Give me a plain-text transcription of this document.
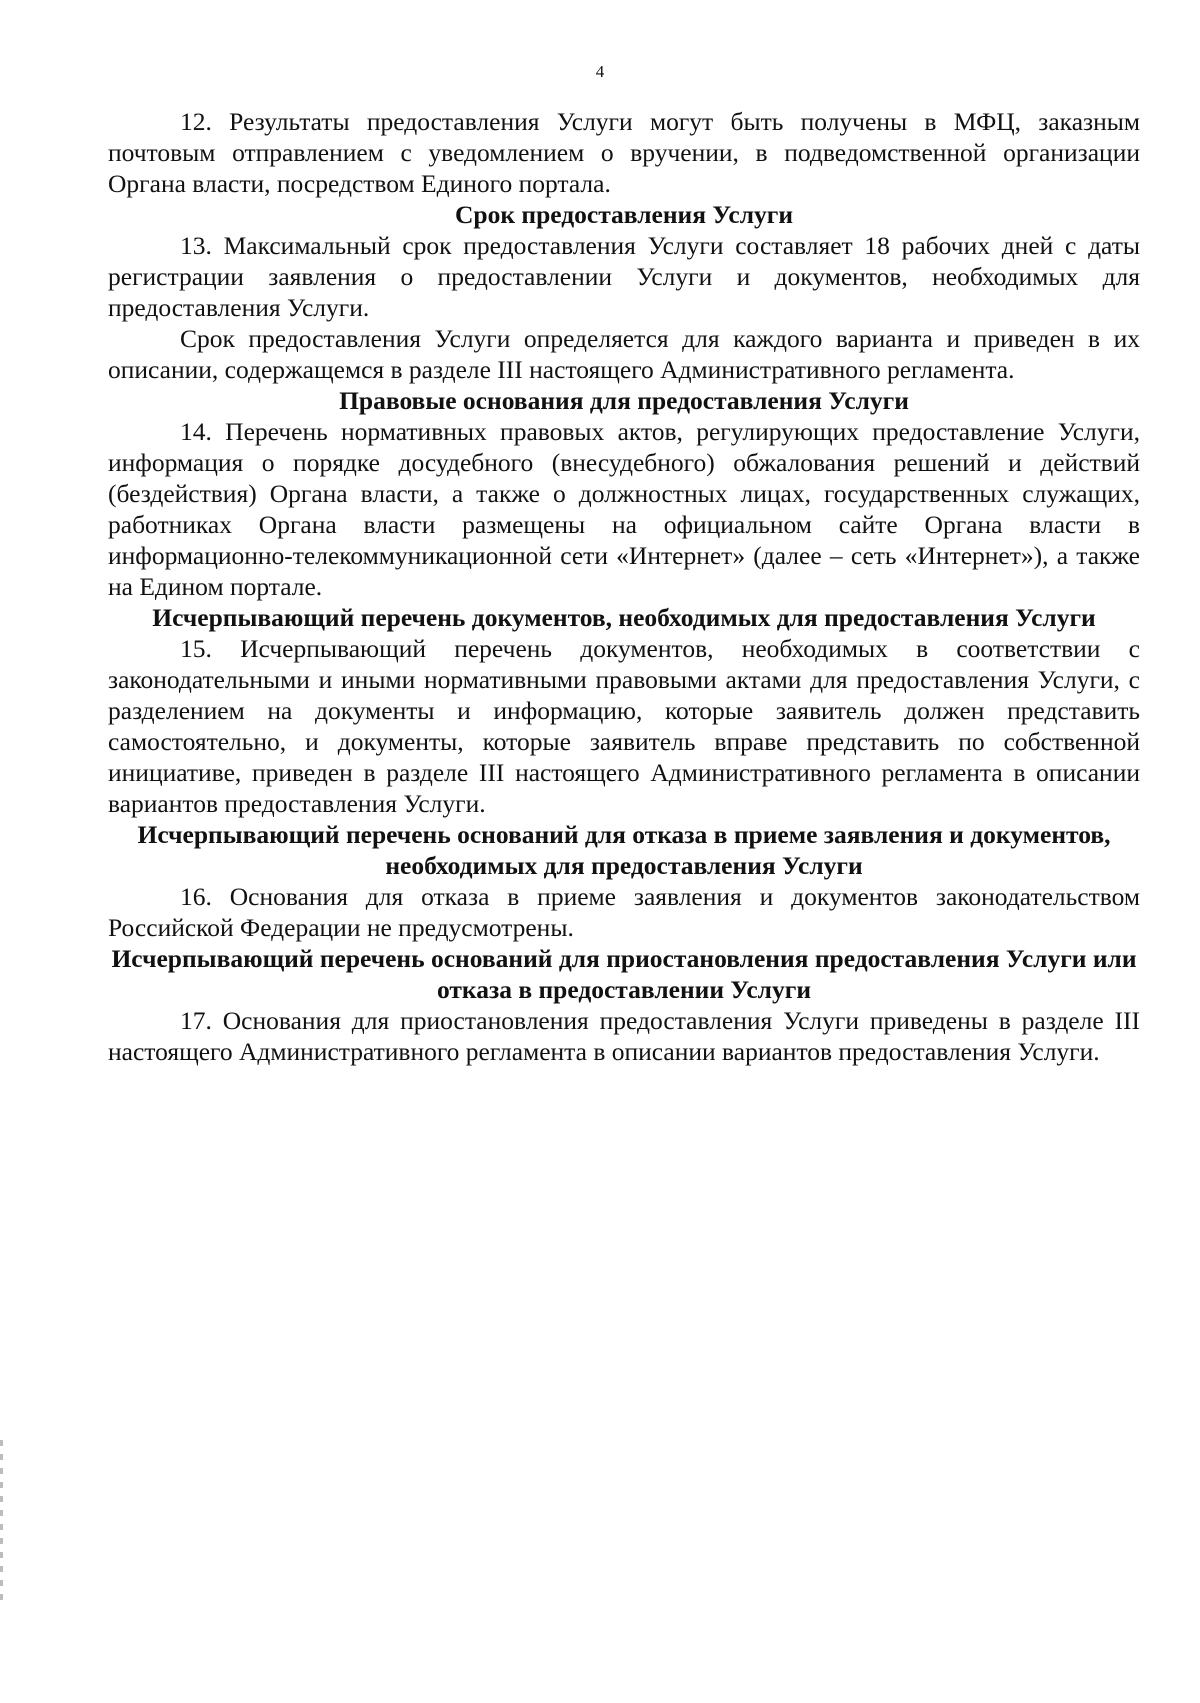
4

12. Результаты предоставления Услуги могут быть получены в МФЦ, заказным почтовым отправлением с уведомлением о вручении, в подведомственной организации Органа власти, посредством Единого портала.

Срок предоставления Услуги

13. Максимальный срок предоставления Услуги составляет 18 рабочих дней с даты регистрации заявления о предоставлении Услуги и документов, необходимых для предоставления Услуги.

Срок предоставления Услуги определяется для каждого варианта и приведен в их описании, содержащемся в разделе III настоящего Административного регламента.

Правовые основания для предоставления Услуги

14. Перечень нормативных правовых актов, регулирующих предоставление Услуги, информация о порядке досудебного (внесудебного) обжалования решений и действий (бездействия) Органа власти, а также о должностных лицах, государственных служащих, работниках Органа власти размещены на официальном сайте Органа власти в информационно-телекоммуникационной сети «Интернет» (далее – сеть «Интернет»), а также на Едином портале.

Исчерпывающий перечень документов, необходимых для предоставления Услуги

15. Исчерпывающий перечень документов, необходимых в соответствии с законодательными и иными нормативными правовыми актами для предоставления Услуги, с разделением на документы и информацию, которые заявитель должен представить самостоятельно, и документы, которые заявитель вправе представить по собственной инициативе, приведен в разделе III настоящего Административного регламента в описании вариантов предоставления Услуги.

Исчерпывающий перечень оснований для отказа в приеме заявления и документов, необходимых для предоставления Услуги

16. Основания для отказа в приеме заявления и документов законодательством Российской Федерации не предусмотрены.

Исчерпывающий перечень оснований для приостановления предоставления Услуги или отказа в предоставлении Услуги

17. Основания для приостановления предоставления Услуги приведены в разделе III настоящего Административного регламента в описании вариантов предоставления Услуги.
